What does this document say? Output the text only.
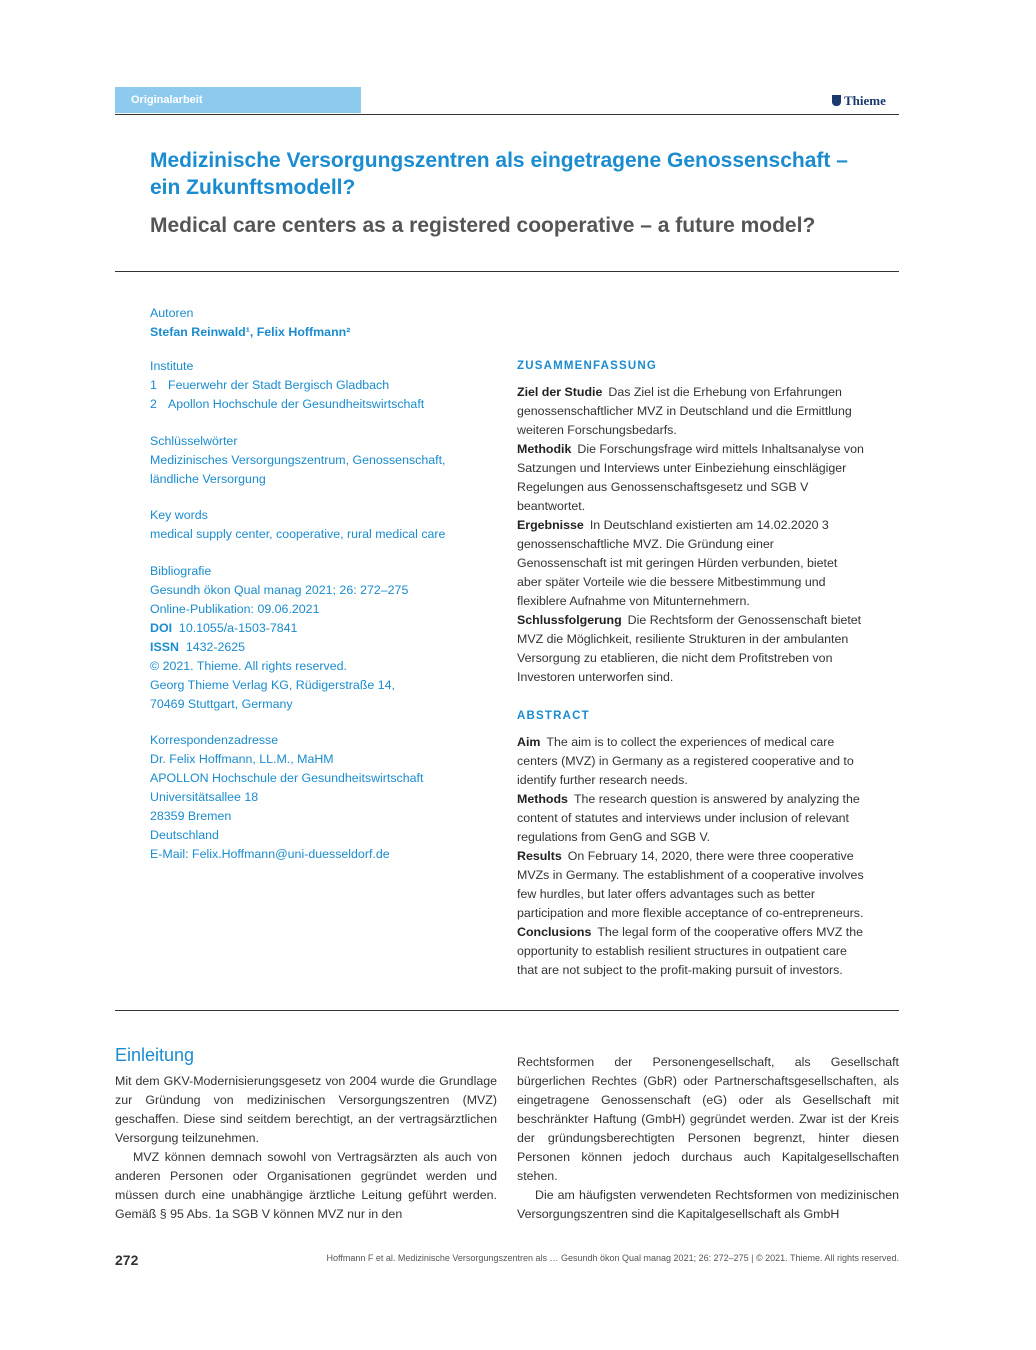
Originalarbeit	Thieme
Medizinische Versorgungszentren als eingetragene Genossenschaft – ein Zukunftsmodell?
Medical care centers as a registered cooperative – a future model?
Autoren
Stefan Reinwald¹, Felix Hoffmann²
Institute
1 Feuerwehr der Stadt Bergisch Gladbach
2 Apollon Hochschule der Gesundheitswirtschaft
Schlüsselwörter
Medizinisches Versorgungszentrum, Genossenschaft,
ländliche Versorgung
Key words
medical supply center, cooperative, rural medical care
Bibliografie
Gesundh ökon Qual manag 2021; 26: 272–275
Online-Publikation: 09.06.2021
DOI 10.1055/a-1503-7841
ISSN 1432-2625
© 2021. Thieme. All rights reserved.
Georg Thieme Verlag KG, Rüdigerstraße 14,
70469 Stuttgart, Germany
Korrespondenzadresse
Dr. Felix Hoffmann, LL.M., MaHM
APOLLON Hochschule der Gesundheitswirtschaft
Universitätsallee 18
28359 Bremen
Deutschland
E-Mail: Felix.Hoffmann@uni-duesseldorf.de
ZUSAMMENFASSUNG

Ziel der Studie Das Ziel ist die Erhebung von Erfahrungen genossenschaftlicher MVZ in Deutschland und die Ermittlung weiteren Forschungsbedarfs.

Methodik Die Forschungsfrage wird mittels Inhaltsanalyse von Satzungen und Interviews unter Einbeziehung einschlägiger Regelungen aus Genossenschaftsgesetz und SGB V beantwortet.

Ergebnisse In Deutschland existierten am 14.02.2020 3 genossenschaftliche MVZ. Die Gründung einer Genossenschaft ist mit geringen Hürden verbunden, bietet aber später Vorteile wie die bessere Mitbestimmung und flexiblere Aufnahme von Mitunternehmern.

Schlussfolgerung Die Rechtsform der Genossenschaft bietet MVZ die Möglichkeit, resiliente Strukturen in der ambulanten Versorgung zu etablieren, die nicht dem Profitstreben von Investoren unterworfen sind.

ABSTRACT

Aim The aim is to collect the experiences of medical care centers (MVZ) in Germany as a registered cooperative and to identify further research needs.

Methods The research question is answered by analyzing the content of statutes and interviews under inclusion of relevant regulations from GenG and SGB V.

Results On February 14, 2020, there were three cooperative MVZs in Germany. The establishment of a cooperative involves few hurdles, but later offers advantages such as better participation and more flexible acceptance of co-entrepreneurs.

Conclusions The legal form of the cooperative offers MVZ the opportunity to establish resilient structures in outpatient care that are not subject to the profit-making pursuit of investors.

Einleitung

Mit dem GKV-Modernisierungsgesetz von 2004 wurde die Grundlage zur Gründung von medizinischen Versorgungszentren (MVZ) geschaffen. Diese sind seitdem berechtigt, an der vertragsärztlichen Versorgung teilzunehmen.

MVZ können demnach sowohl von Vertragsärzten als auch von anderen Personen oder Organisationen gegründet werden und müssen durch eine unabhängige ärztliche Leitung geführt werden. Gemäß § 95 Abs. 1a SGB V können MVZ nur in den

Rechtsformen der Personengesellschaft, als Gesellschaft bürgerlichen Rechtes (GbR) oder Partnerschaftsgesellschaften, als eingetragene Genossenschaft (eG) oder als Gesellschaft mit beschränkter Haftung (GmbH) gegründet werden. Zwar ist der Kreis der gründungsberechtigten Personen begrenzt, hinter diesen Personen können jedoch durchaus auch Kapitalgesellschaften stehen.

Die am häufigsten verwendeten Rechtsformen von medizinischen Versorgungszentren sind die Kapitalgesellschaft als GmbH

272	Hoffmann F et al. Medizinische Versorgungszentren als … Gesundh ökon Qual manag 2021; 26: 272–275 | © 2021. Thieme. All rights reserved.
